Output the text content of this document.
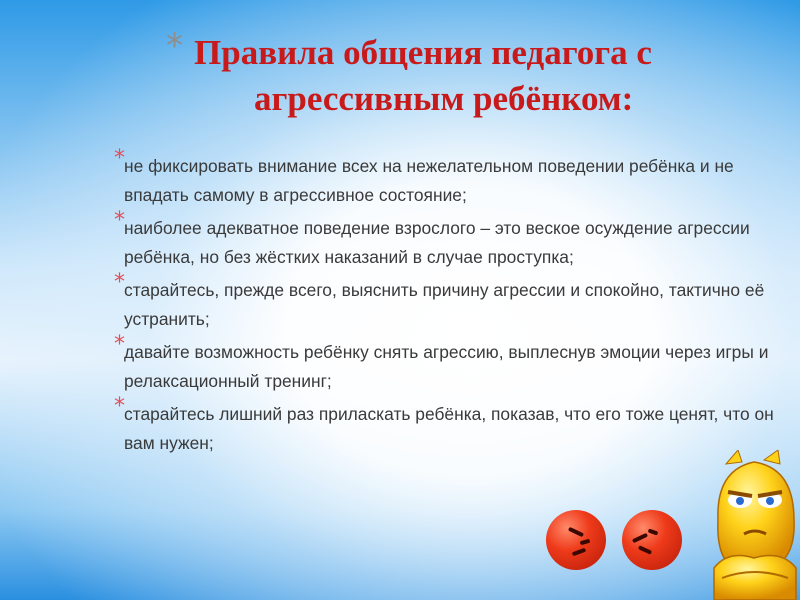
* Правила общения педагога с
агрессивным ребёнком:
* не фиксировать внимание всех на нежелательном поведении ребёнка и не впадать самому в агрессивное состояние;
* наиболее адекватное поведение взрослого – это веское осуждение агрессии ребёнка, но без жёстких наказаний в случае проступка;
* старайтесь, прежде всего, выяснить причину агрессии и спокойно, тактично её устранить;
* давайте возможность ребёнку снять агрессию, выплеснув эмоции через игры и релаксационный тренинг;
* старайтесь лишний раз приласкать ребёнка, показав, что его тоже ценят, что он вам нужен;
